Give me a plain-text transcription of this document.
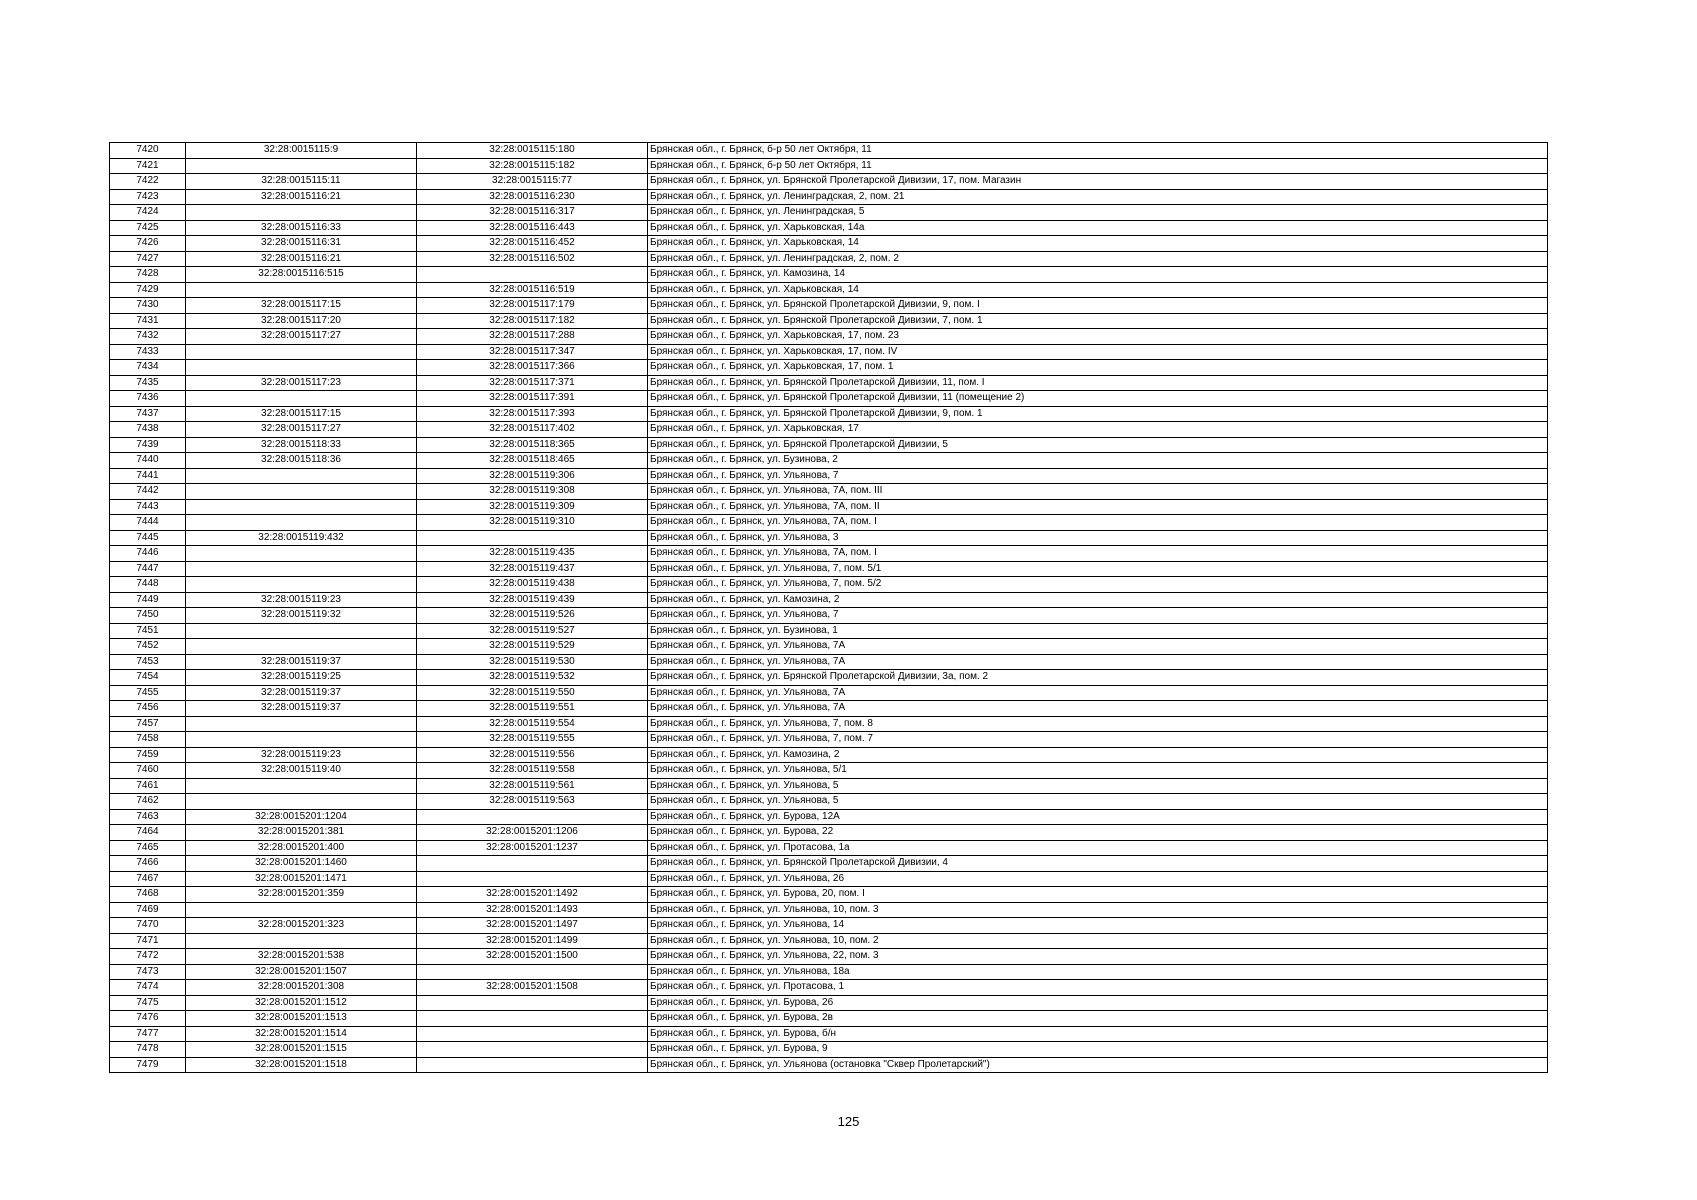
7420	32:28:0015115:9	32:28:0015115:180	Брянская обл., г. Брянск, б-р 50 лет Октября, 11
7421		32:28:0015115:182	Брянская обл., г. Брянск, б-р 50 лет Октября, 11
7422	32:28:0015115:11	32:28:0015115:77	Брянская обл., г. Брянск, ул. Брянской Пролетарской Дивизии, 17, пом. Магазин
7423	32:28:0015116:21	32:28:0015116:230	Брянская обл., г. Брянск, ул. Ленинградская, 2, пом. 21
7424		32:28:0015116:317	Брянская обл., г. Брянск, ул. Ленинградская, 5
7425	32:28:0015116:33	32:28:0015116:443	Брянская обл., г. Брянск, ул. Харьковская, 14а
7426	32:28:0015116:31	32:28:0015116:452	Брянская обл., г. Брянск, ул. Харьковская, 14
7427	32:28:0015116:21	32:28:0015116:502	Брянская обл., г. Брянск, ул. Ленинградская, 2, пом. 2
7428	32:28:0015116:515		Брянская обл., г. Брянск, ул. Камозина, 14
7429		32:28:0015116:519	Брянская обл., г. Брянск, ул. Харьковская, 14
7430	32:28:0015117:15	32:28:0015117:179	Брянская обл., г. Брянск, ул. Брянской Пролетарской Дивизии, 9, пом. I
7431	32:28:0015117:20	32:28:0015117:182	Брянская обл., г. Брянск, ул. Брянской Пролетарской Дивизии, 7, пом. 1
7432	32:28:0015117:27	32:28:0015117:288	Брянская обл., г. Брянск, ул. Харьковская, 17, пом. 23
7433		32:28:0015117:347	Брянская обл., г. Брянск, ул. Харьковская, 17, пом. IV
7434		32:28:0015117:366	Брянская обл., г. Брянск, ул. Харьковская, 17, пом. 1
7435	32:28:0015117:23	32:28:0015117:371	Брянская обл., г. Брянск, ул. Брянской Пролетарской Дивизии, 11, пом. I
7436		32:28:0015117:391	Брянская обл., г. Брянск, ул. Брянской Пролетарской Дивизии, 11 (помещение 2)
7437	32:28:0015117:15	32:28:0015117:393	Брянская обл., г. Брянск, ул. Брянской Пролетарской Дивизии, 9, пом. 1
7438	32:28:0015117:27	32:28:0015117:402	Брянская обл., г. Брянск, ул. Харьковская, 17
7439	32:28:0015118:33	32:28:0015118:365	Брянская обл., г. Брянск, ул. Брянской Пролетарской Дивизии, 5
7440	32:28:0015118:36	32:28:0015118:465	Брянская обл., г. Брянск, ул. Бузинова, 2
7441		32:28:0015119:306	Брянская обл., г. Брянск, ул. Ульянова, 7
7442		32:28:0015119:308	Брянская обл., г. Брянск, ул. Ульянова, 7А, пом. III
7443		32:28:0015119:309	Брянская обл., г. Брянск, ул. Ульянова, 7А, пом. II
7444		32:28:0015119:310	Брянская обл., г. Брянск, ул. Ульянова, 7А, пом. I
7445	32:28:0015119:432		Брянская обл., г. Брянск, ул. Ульянова, 3
7446		32:28:0015119:435	Брянская обл., г. Брянск, ул. Ульянова, 7А, пом. I
7447		32:28:0015119:437	Брянская обл., г. Брянск, ул. Ульянова, 7, пом. 5/1
7448		32:28:0015119:438	Брянская обл., г. Брянск, ул. Ульянова, 7, пом. 5/2
7449	32:28:0015119:23	32:28:0015119:439	Брянская обл., г. Брянск, ул. Камозина, 2
7450	32:28:0015119:32	32:28:0015119:526	Брянская обл., г. Брянск, ул. Ульянова, 7
7451		32:28:0015119:527	Брянская обл., г. Брянск, ул. Бузинова, 1
7452		32:28:0015119:529	Брянская обл., г. Брянск, ул. Ульянова, 7А
7453	32:28:0015119:37	32:28:0015119:530	Брянская обл., г. Брянск, ул. Ульянова, 7А
7454	32:28:0015119:25	32:28:0015119:532	Брянская обл., г. Брянск, ул. Брянской Пролетарской Дивизии, 3а, пом. 2
7455	32:28:0015119:37	32:28:0015119:550	Брянская обл., г. Брянск, ул. Ульянова, 7А
7456	32:28:0015119:37	32:28:0015119:551	Брянская обл., г. Брянск, ул. Ульянова, 7А
7457		32:28:0015119:554	Брянская обл., г. Брянск, ул. Ульянова, 7, пом. 8
7458		32:28:0015119:555	Брянская обл., г. Брянск, ул. Ульянова, 7, пом. 7
7459	32:28:0015119:23	32:28:0015119:556	Брянская обл., г. Брянск, ул. Камозина, 2
7460	32:28:0015119:40	32:28:0015119:558	Брянская обл., г. Брянск, ул. Ульянова, 5/1
7461		32:28:0015119:561	Брянская обл., г. Брянск, ул. Ульянова, 5
7462		32:28:0015119:563	Брянская обл., г. Брянск, ул. Ульянова, 5
7463	32:28:0015201:1204		Брянская обл., г. Брянск, ул. Бурова, 12А
7464	32:28:0015201:381	32:28:0015201:1206	Брянская обл., г. Брянск, ул. Бурова, 22
7465	32:28:0015201:400	32:28:0015201:1237	Брянская обл., г. Брянск, ул. Протасова, 1а
7466	32:28:0015201:1460		Брянская обл., г. Брянск, ул. Брянской Пролетарской Дивизии, 4
7467	32:28:0015201:1471		Брянская обл., г. Брянск, ул. Ульянова, 26
7468	32:28:0015201:359	32:28:0015201:1492	Брянская обл., г. Брянск, ул. Бурова, 20, пом. I
7469		32:28:0015201:1493	Брянская обл., г. Брянск, ул. Ульянова, 10, пом. 3
7470	32:28:0015201:323	32:28:0015201:1497	Брянская обл., г. Брянск, ул. Ульянова, 14
7471		32:28:0015201:1499	Брянская обл., г. Брянск, ул. Ульянова, 10, пом. 2
7472	32:28:0015201:538	32:28:0015201:1500	Брянская обл., г. Брянск, ул. Ульянова, 22, пом. 3
7473	32:28:0015201:1507		Брянская обл., г. Брянск, ул. Ульянова, 18а
7474	32:28:0015201:308	32:28:0015201:1508	Брянская обл., г. Брянск, ул. Протасова, 1
7475	32:28:0015201:1512		Брянская обл., г. Брянск, ул. Бурова, 26
7476	32:28:0015201:1513		Брянская обл., г. Брянск, ул. Бурова, 2в
7477	32:28:0015201:1514		Брянская обл., г. Брянск, ул. Бурова, б/н
7478	32:28:0015201:1515		Брянская обл., г. Брянск, ул. Бурова, 9
7479	32:28:0015201:1518		Брянская обл., г. Брянск, ул. Ульянова (остановка "Сквер Пролетарский")
125
